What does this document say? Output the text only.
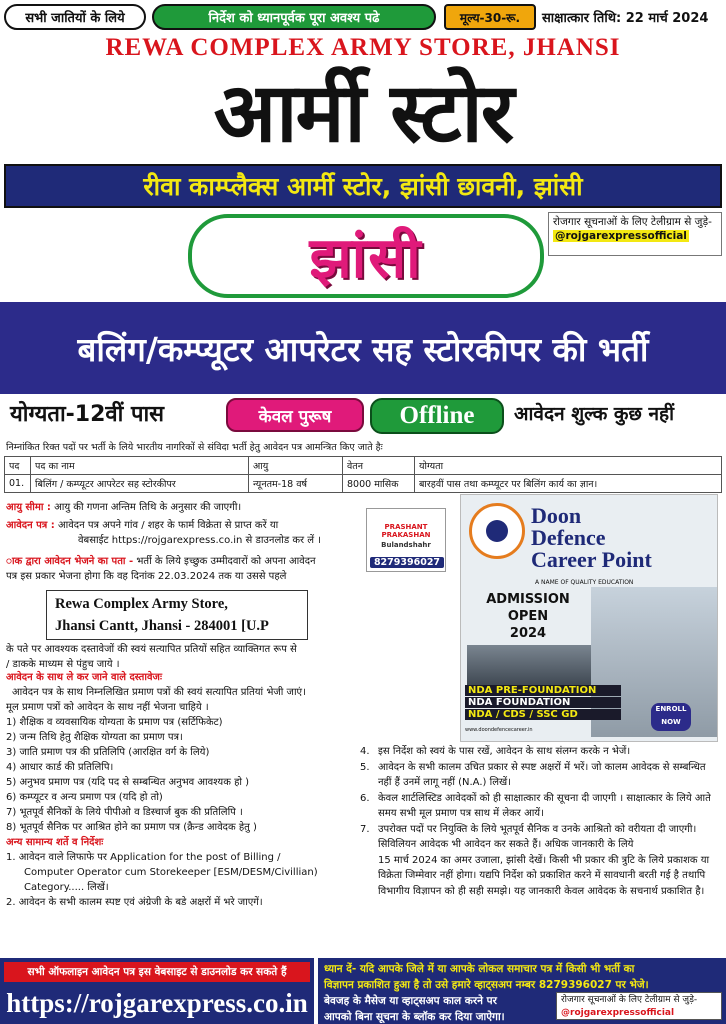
सभी जातियों के लिये	निर्देश को ध्यानपूर्वक पूरा अवश्य पढे	मूल्य-30-रू.	साक्षात्कार तिथि: 22 मार्च 2024
REWA COMPLEX ARMY STORE, JHANSI
आर्मी स्टोर
रीवा काम्प्लैक्स आर्मी स्टोर, झांसी छावनी, झांसी
झांसी
रोजगार सूचनाओं के लिए टेलीग्राम से जुड़े- @rojgarexpressofficial
बलिंग/कम्प्यूटर आपरेटर सह स्टोरकीपर की भर्ती
योग्यता-12वीं पास	केवल पुरूष	Offline	आवेदन शुल्क कुछ नहीं
निम्नांकित रिक्त पदों पर भर्ती के लिये भारतीय नागरिकों से संविदा भर्ती हेतु आवेदन पत्र आमन्त्रित किए जाते हैः
पद	पद का नाम	आयु	वेतन	योग्यता
01.	बिलिंग / कम्प्यूटर आपरेटर सह स्टोरकीपर	न्यूनतम-18 वर्ष	8000 मासिक	बारहवीं पास तथा कम्प्यूटर पर बिलिंग कार्य का ज्ञान।
आयु सीमा : आयु की गणना अन्तिम तिथि के अनुसार की जाएगी।
आवेदन पत्र : आवेदन पत्र अपने गांव / शहर के फार्म विक्रेता से प्राप्त करें या
वेबसाईट https://rojgarexpress.co.in से डाउनलोड कर लें ।
ाक द्वारा आवेदन भेजने का पता - भर्ती के लिये इच्छुक उम्मीदवारों को अपना आवेदन
पत्र इस प्रकार भेजना होगा कि वह दिनांक 22.03.2024 तक या उससे पहले
PRASHANT PRAKASHAN
Bulandshahr
8279396027
Rewa Complex Army Store,
Jhansi Cantt, Jhansi - 284001 [U.P
के पते पर आवश्यक दस्तावेजों की स्वयं सत्यापित प्रतियों सहित व्याक्तिगत रूप से
/ डाकके माध्यम से पंहुच जाये ।
आवेदन के साथ ले कर जाने वाले दस्तावेजः
आवेदन पत्र के साथ निम्नलिखित प्रमाण पत्रों की स्वयं सत्यापित प्रतियां भेजी जाएं।
मूल प्रमाण पत्रों को आवेदन के साथ नहीं भेजना चाहिये ।
1) शैक्षिक व व्यवसायिक योग्यता के प्रमाण पत्र (सर्टिफिकेट)
2) जन्म तिथि हेतु शैक्षिक योग्यता का प्रमाण पत्र।
3) जाति प्रमाण पत्र की प्रतिलिपि (आरक्षित वर्ग के लिये)
4) आधार कार्ड की प्रतिलिपि।
5) अनुभव प्रमाण पत्र (यदि पद से सम्बन्धित अनुभव आवश्यक हो )
6) कम्प्यूटर व अन्य प्रमाण पत्र (यदि हो तो)
7) भूतपूर्व सैनिकों के लिये पीपीओ व डिस्चार्ज बुक की प्रतिलिपि ।
8) भूतपूर्व सैनिक पर आश्रित होने का प्रमाण पत्र (क्रैन्ड आवेदक हेतु )
अन्य सामान्य शर्ते व निर्देशः
1. आवेदन वाले लिफाफे पर Application for the post of Billing /
Computer Operator cum Storekeeper [ESM/DESM/Civillian)
Category..... लिखें।
2. आवेदन के सभी कालम स्पष्ट एवं अंग्रेजी के बडे अक्षरों में भरे जाएगें।
Doon
Defence
Career Point
A NAME OF QUALITY EDUCATION
ADMISSION
OPEN
2024
NDA PRE-FOUNDATION
NDA FOUNDATION
NDA / CDS / SSC GD
www.doondefencecareer.in
ENROLL NOW
4. इस निर्देश को स्वयं के पास रखें, आवेदन के साथ संलग्न करके न भेजें।
5. आवेदन के सभी कालम उचित प्रकार से स्पष्ट अक्षरों में भरें। जो कालम आवेदक से सम्बन्धित नहीं हैं उनमें लागू नहीं (N.A.) लिखें।
6. केवल शार्टलिस्टिड आवेदकों को ही साक्षात्कार की सूचना दी जाएगी । साक्षात्कार के लिये आते समय सभी मूल प्रमाण पत्र साथ में लेकर आयें।
7. उपरोक्त पदों पर नियुक्ति के लिये भूतपूर्व सैनिक व उनके आश्रितो को वरीयता दी जाएगी। सिविलियन आवेदक भी आवेदन कर सकते हैं। अधिक जानकारी के लिये
15 मार्च 2024 का अमर उजाला, झांसी देखें। किसी भी प्रकार की त्रुटि के लिये प्रकाशक या विक्रेता जिम्मेवार नहीं होगा। यद्यपि निर्देश को प्रकाशित करने में सावधानी बरती गई है तथापि विभागीय विज्ञापन को ही सही समझे। यह जानकारी केवल आवेदक के सचनार्थ प्रकाशित है।
सभी ऑफलाइन आवेदन पत्र इस वेबसाइट से डाउनलोड कर सकते हैं
https://rojgarexpress.co.in
ध्यान दें- यदि आपके जिले में या आपके लोकल समाचार पत्र में किसी भी भर्ती का
विज्ञापन प्रकाशित हुआ है तो उसे हमारे व्हाट्सअप नम्बर 8279396027 पर भेजे।
बेवजह के मैसेज या व्हाट्सअप काल करने पर
आपको बिना सूचना के ब्लॉक कर दिया जाऐगा।
रोजगार सूचनाओं के लिए टेलीग्राम से जुड़े-
@rojgarexpressofficial
